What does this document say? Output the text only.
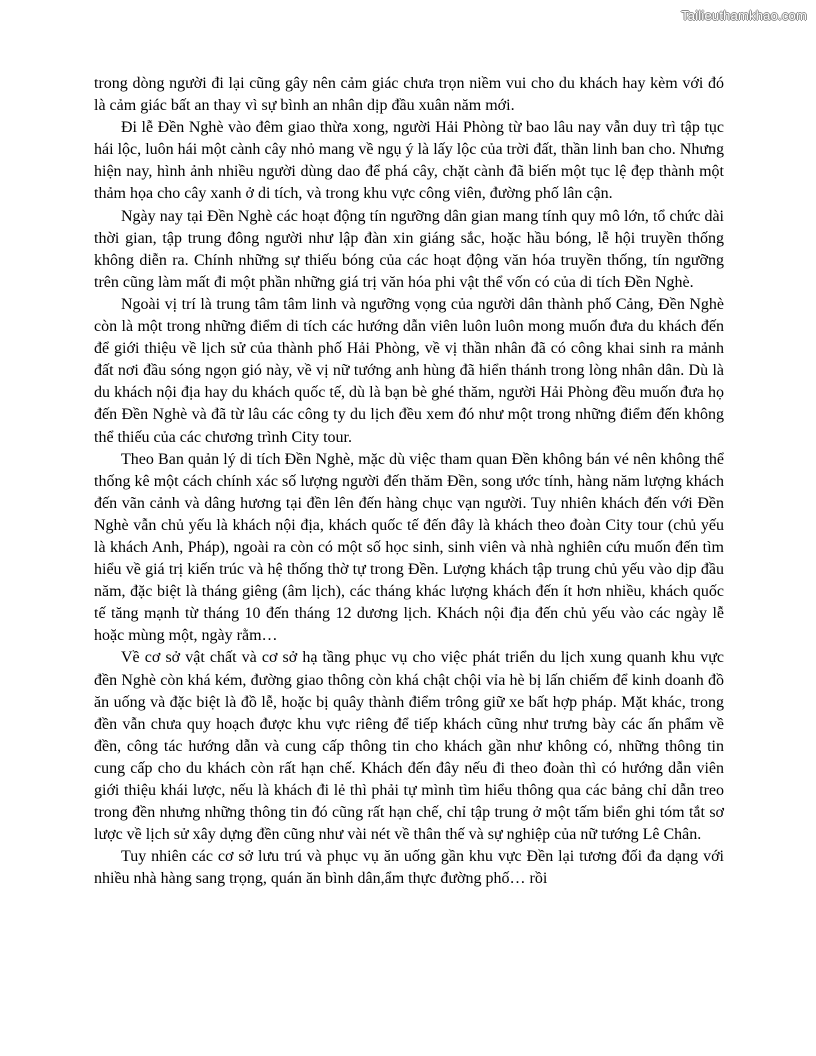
Tailieuthamkhao.com

trong dòng người đi lại cũng gây nên cảm giác chưa trọn niềm vui cho du khách hay kèm với đó là cảm giác bất an thay vì sự bình an nhân dịp đầu xuân năm mới.

Đi lễ Đền Nghè vào đêm giao thừa xong, người Hải Phòng từ bao lâu nay vẫn duy trì tập tục hái lộc, luôn hái một cành cây nhỏ mang về ngụ ý là lấy lộc của trời đất, thần linh ban cho. Nhưng hiện nay, hình ảnh nhiều người dùng dao để phá cây, chặt cành đã biến một tục lệ đẹp thành một thảm họa cho cây xanh ở di tích, và trong khu vực công viên, đường phố lân cận.

Ngày nay tại Đền Nghè các hoạt động tín ngưỡng dân gian mang tính quy mô lớn, tổ chức dài thời gian, tập trung đông người như lập đàn xin giáng sắc, hoặc hầu bóng, lễ hội truyền thống không diễn ra. Chính những sự thiếu bóng của các hoạt động văn hóa truyền thống, tín ngưỡng trên cũng làm mất đi một phần những giá trị văn hóa phi vật thể vốn có của di tích Đền Nghè.

Ngoài vị trí là trung tâm tâm linh và ngưỡng vọng của người dân thành phố Cảng, Đền Nghè còn là một trong những điểm di tích các hướng dẫn viên luôn luôn mong muốn đưa du khách đến để giới thiệu về lịch sử của thành phố Hải Phòng, về vị thần nhân đã có công khai sinh ra mảnh đất nơi đầu sóng ngọn gió này, về vị nữ tướng anh hùng đã hiển thánh trong lòng nhân dân. Dù là du khách nội địa hay du khách quốc tế, dù là bạn bè ghé thăm, người Hải Phòng đều muốn đưa họ đến Đền Nghè và đã từ lâu các công ty du lịch đều xem đó như một trong những điểm đến không thể thiếu của các chương trình City tour.

Theo Ban quản lý di tích Đền Nghè, mặc dù việc tham quan Đền không bán vé nên không thể thống kê một cách chính xác số lượng người đến thăm Đền, song ước tính, hàng năm lượng khách đến vãn cảnh và dâng hương tại đền lên đến hàng chục vạn người. Tuy nhiên khách đến với Đền Nghè vẫn chủ yếu là khách nội địa, khách quốc tế đến đây là khách theo đoàn City tour (chủ yếu là khách Anh, Pháp), ngoài ra còn có một số học sinh, sinh viên và nhà nghiên cứu muốn đến tìm hiểu về giá trị kiến trúc và hệ thống thờ tự trong Đền. Lượng khách tập trung chủ yếu vào dịp đầu năm, đặc biệt là tháng giêng (âm lịch), các tháng khác lượng khách đến ít hơn nhiều, khách quốc tế tăng mạnh từ tháng 10 đến tháng 12 dương lịch. Khách nội địa đến chủ yếu vào các ngày lễ hoặc mùng một, ngày rằm…

Về cơ sở vật chất và cơ sở hạ tầng phục vụ cho việc phát triển du lịch xung quanh khu vực đền Nghè còn khá kém, đường giao thông còn khá chật chội vỉa hè bị lấn chiếm để kinh doanh đồ ăn uống và đặc biệt là đồ lễ, hoặc bị quây thành điểm trông giữ xe bất hợp pháp. Mặt khác, trong đền vẫn chưa quy hoạch được khu vực riêng để tiếp khách cũng như trưng bày các ấn phẩm về đền, công tác hướng dẫn và cung cấp thông tin cho khách gần như không có, những thông tin cung cấp cho du khách còn rất hạn chế. Khách đến đây nếu đi theo đoàn thì có hướng dẫn viên giới thiệu khái lược, nếu là khách đi lẻ thì phải tự mình tìm hiểu thông qua các bảng chỉ dẫn treo trong đền nhưng những thông tin đó cũng rất hạn chế, chỉ tập trung ở một tấm biển ghi tóm tắt sơ lược về lịch sử xây dựng đền cũng như vài nét về thân thế và sự nghiệp của nữ tướng Lê Chân.

Tuy nhiên các cơ sở lưu trú và phục vụ ăn uống gần khu vực Đền lại tương đối đa dạng với nhiều nhà hàng sang trọng, quán ăn bình dân,ẩm thực đường phố… rồi
